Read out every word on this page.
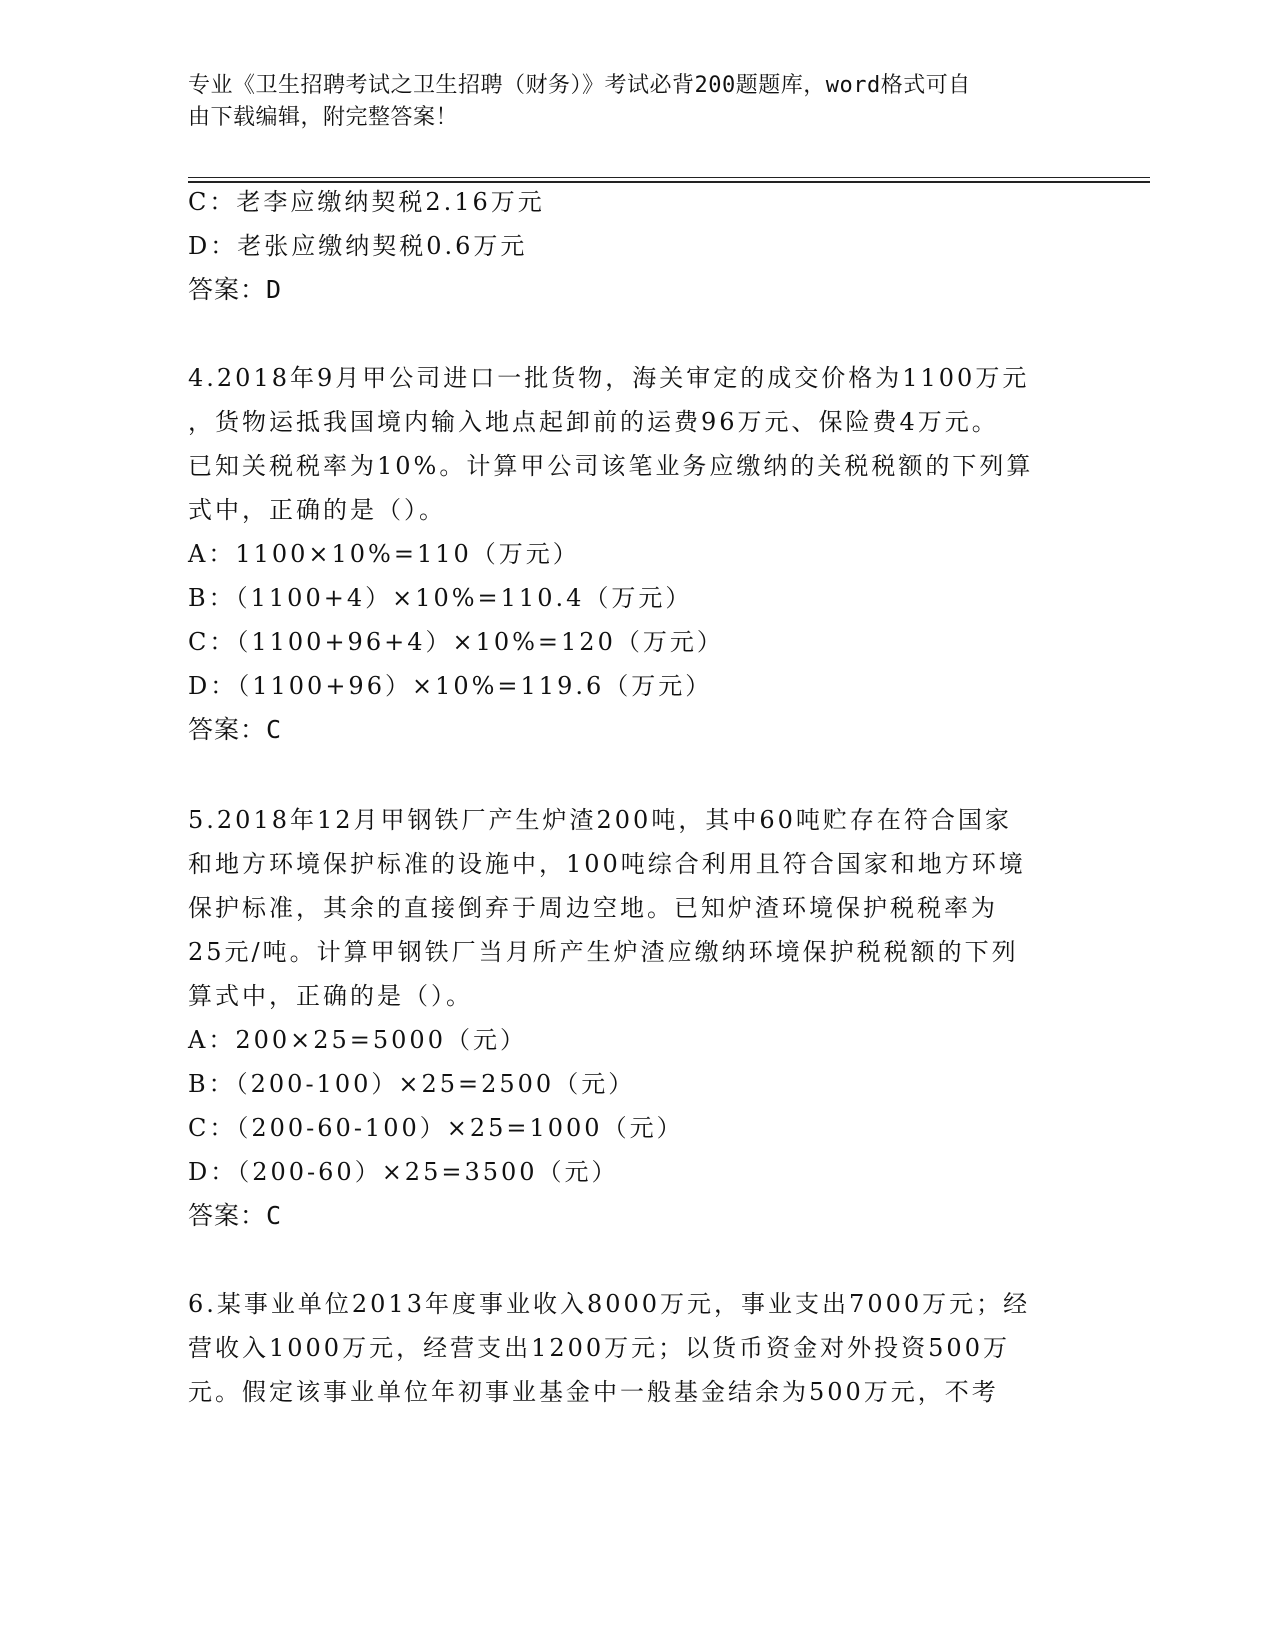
专业《卫生招聘考试之卫生招聘（财务）》考试必背200题题库，word格式可自
由下载编辑，附完整答案！
C：老李应缴纳契税2.16万元
D：老张应缴纳契税0.6万元
答案：D
4.2018年9月甲公司进口一批货物，海关审定的成交价格为1100万元
，货物运抵我国境内输入地点起卸前的运费96万元、保险费4万元。
已知关税税率为10%。计算甲公司该笔业务应缴纳的关税税额的下列算
式中，正确的是（）。
A：1100×10%=110（万元）
B：（1100+4）×10%=110.4（万元）
C：（1100+96+4）×10%=120（万元）
D：（1100+96）×10%=119.6（万元）
答案：C
5.2018年12月甲钢铁厂产生炉渣200吨，其中60吨贮存在符合国家
和地方环境保护标准的设施中，100吨综合利用且符合国家和地方环境
保护标准，其余的直接倒弃于周边空地。已知炉渣环境保护税税率为
25元/吨。计算甲钢铁厂当月所产生炉渣应缴纳环境保护税税额的下列
算式中，正确的是（）。
A：200×25=5000（元）
B：（200-100）×25=2500（元）
C：（200-60-100）×25=1000（元）
D：（200-60）×25=3500（元）
答案：C
6.某事业单位2013年度事业收入8000万元，事业支出7000万元；经
营收入1000万元，经营支出1200万元；以货币资金对外投资500万
元。假定该事业单位年初事业基金中一般基金结余为500万元，不考
